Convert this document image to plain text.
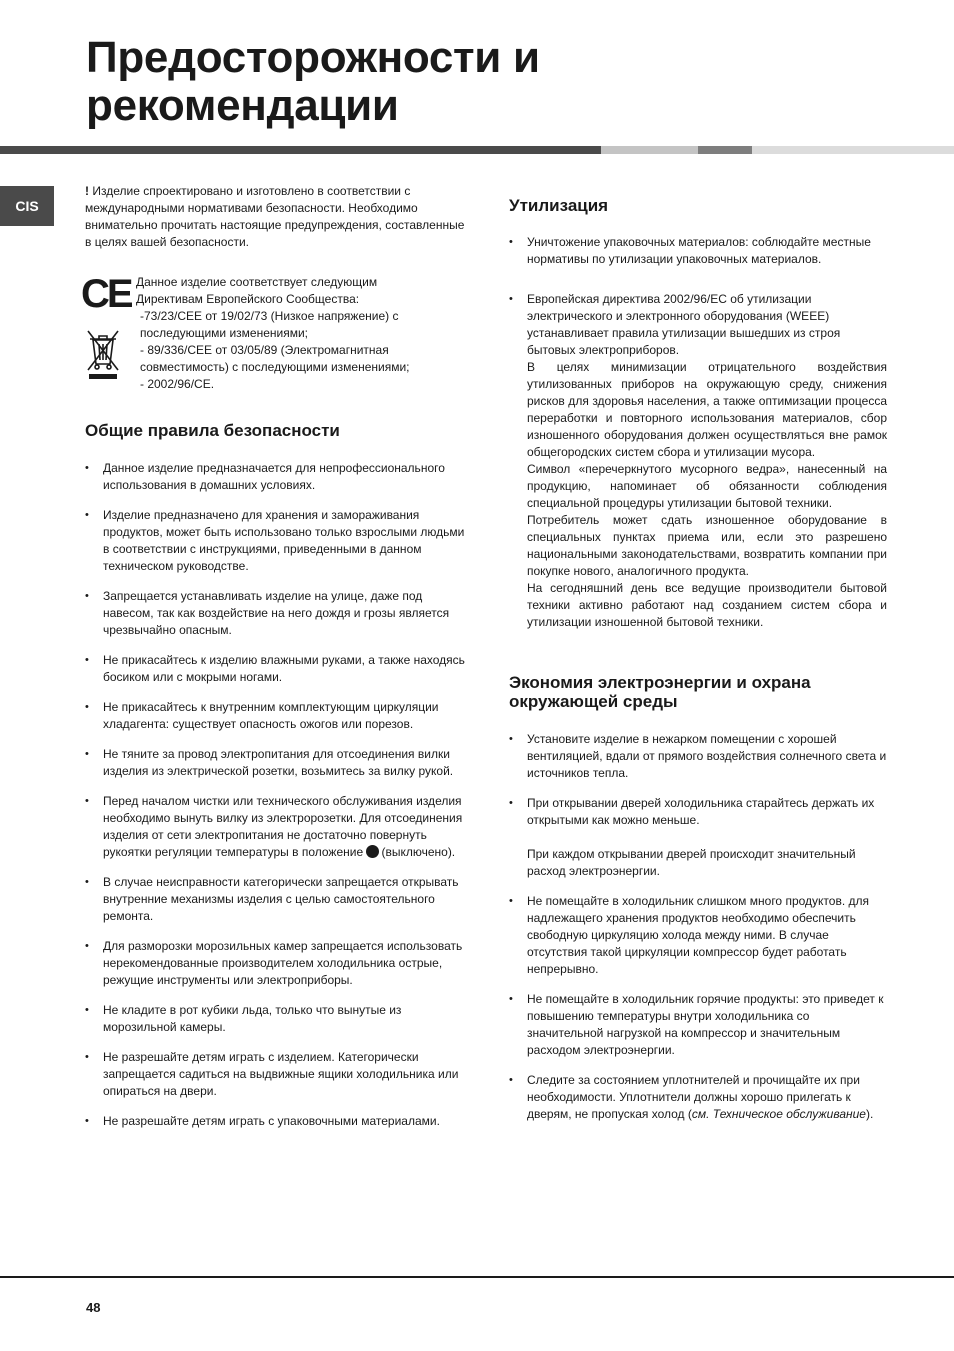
Предосторожности и
рекомендации
CIS

! Изделие спроектировано и изготовлено в соответствии с международными нормативами безопасности. Необходимо внимательно прочитать настоящие предупреждения, составленные в целях вашей безопасности.

CE Данное изделие соответствует следующим

Директивам Европейского Сообщества:

-73/23/CEE от 19/02/73 (Низкое напряжение) с

последующими изменениями;

- 89/336/CEE от 03/05/89 (Электромагнитная

совместимость) с последующими изменениями;

- 2002/96/CE.

Общие правила безопасности
• Данное изделие предназначается для непрофессионального использования в домашних условиях.
• Изделие предназначено для хранения и замораживания продуктов, может быть использовано только взрослыми людьми в соответствии с инструкциями, приведенными в данном техническом руководстве.
• Запрещается устанавливать изделие на улице, даже под навесом, так как воздействие на него дождя и грозы является чрезвычайно опасным.
• Не прикасайтесь к изделию влажными руками, а также находясь босиком или с мокрыми ногами.
• Не прикасайтесь к внутренним комплектующим циркуляции хладагента: существует опасность ожогов или порезов.
• Не тяните за провод электропитания для отсоединения вилки изделия из электрической розетки, возьмитесь за вилку рукой.
• Перед началом чистки или технического обслуживания изделия необходимо вынуть вилку из электророзетки. Для отсоединения изделия от сети электропитания не достаточно повернуть рукоятки регуляции температуры в положение (выключено).
• В случае неисправности категорически запрещается открывать внутренние механизмы изделия с целью самостоятельного ремонта.
• Для разморозки морозильных камер запрещается использовать нерекомендованные производителем холодильника острые, режущие инструменты или электроприборы.
• Не кладите в рот кубики льда, только что вынутые из морозильной камеры.
• Не разрешайте детям играть с изделием. Категорически запрещается садиться на выдвижные ящики холодильника или опираться на двери.
• Не разрешайте детям играть с упаковочными материалами.
Утилизация
• Уничтожение упаковочных материалов: соблюдайте местные нормативы по утилизации упаковочных материалов.

• Европейская директива 2002/96/EC об утилизации электрического и электронного оборудования (WEEE) устанавливает правила утилизации вышедших из строя бытовых электроприборов.

В целях минимизации отрицательного воздействия утилизованных приборов на окружающую среду, снижения рисков для здоровья населения, а также оптимизации процесса переработки и повторного использования материалов, сбор изношенного оборудования должен осуществляться вне рамок общегородских систем сбора и утилизации мусора.

Символ «перечеркнутого мусорного ведра», нанесенный на продукцию, напоминает об обязанности соблюдения специальной процедуры утилизации бытовой техники.

Потребитель может сдать изношенное оборудование в специальных пунктах приема или, если это разрешено национальными законодательствами, возвратить компании при покупке нового, аналогичного продукта.

На сегодняшний день все ведущие производители бытовой техники активно работают над созданием систем сбора и утилизации изношенной бытовой техники.

Экономия электроэнергии и охрана
окружающей среды
• Установите изделие в нежарком помещении с хорошей вентиляцией, вдали от прямого воздействия солнечного света и источников тепла.

• При открывании дверей холодильника старайтесь держать их открытыми как можно меньше.

При каждом открывании дверей происходит значительный расход электроэнергии.

• Не помещайте в холодильник слишком много продуктов. для надлежащего хранения продуктов необходимо обеспечить свободную циркуляцию холода между ними. В случае отсутствия такой циркуляции компрессор будет работать непрерывно.
• Не помещайте в холодильник горячие продукты: это приведет к повышению температуры внутри холодильника со значительной нагрузкой на компрессор и значительным расходом электроэнергии.
• Следите за состоянием уплотнителей и прочищайте их при необходимости. Уплотнители должны хорошо прилегать к дверям, не пропуская холод (см. Техническое обслуживание).
48
